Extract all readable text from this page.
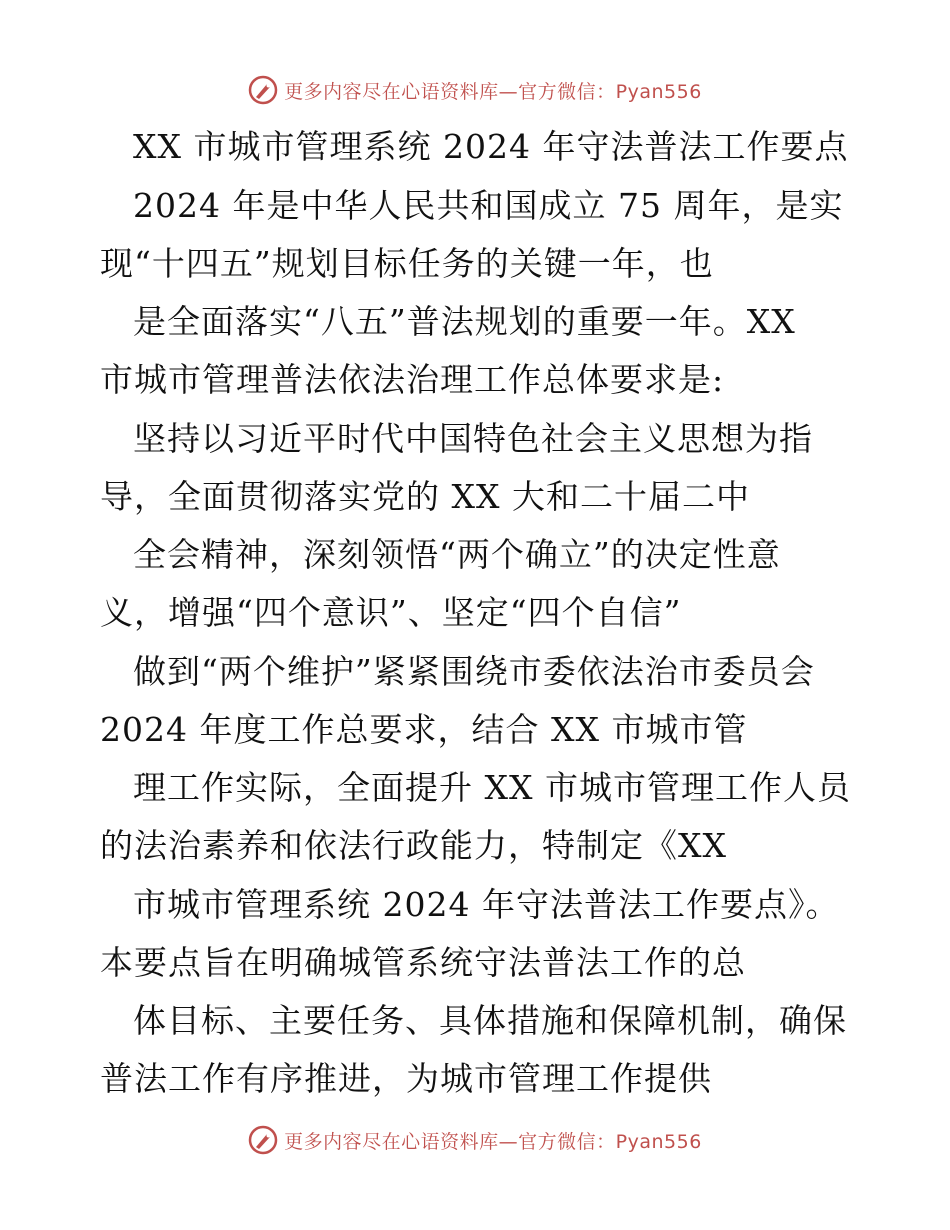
更多内容尽在心语资料库—官方微信：Pyan556
XX 市城市管理系统 2024 年守法普法工作要点
2024 年是中华人民共和国成立 75 周年，是实
现“十四五”规划目标任务的关键一年，也
是全面落实“八五”普法规划的重要一年。XX
市城市管理普法依法治理工作总体要求是:
坚持以习近平时代中国特色社会主义思想为指
导，全面贯彻落实党的 XX 大和二十届二中
全会精神，深刻领悟“两个确立”的决定性意
义，增强“四个意识”、坚定“四个自信”
做到“两个维护”紧紧围绕市委依法治市委员会
2024 年度工作总要求，结合 XX 市城市管
理工作实际，全面提升 XX 市城市管理工作人员
的法治素养和依法行政能力，特制定《XX
市城市管理系统 2024 年守法普法工作要点》。
本要点旨在明确城管系统守法普法工作的总
体目标、主要任务、具体措施和保障机制，确保
普法工作有序推进，为城市管理工作提供
更多内容尽在心语资料库—官方微信：Pyan556
